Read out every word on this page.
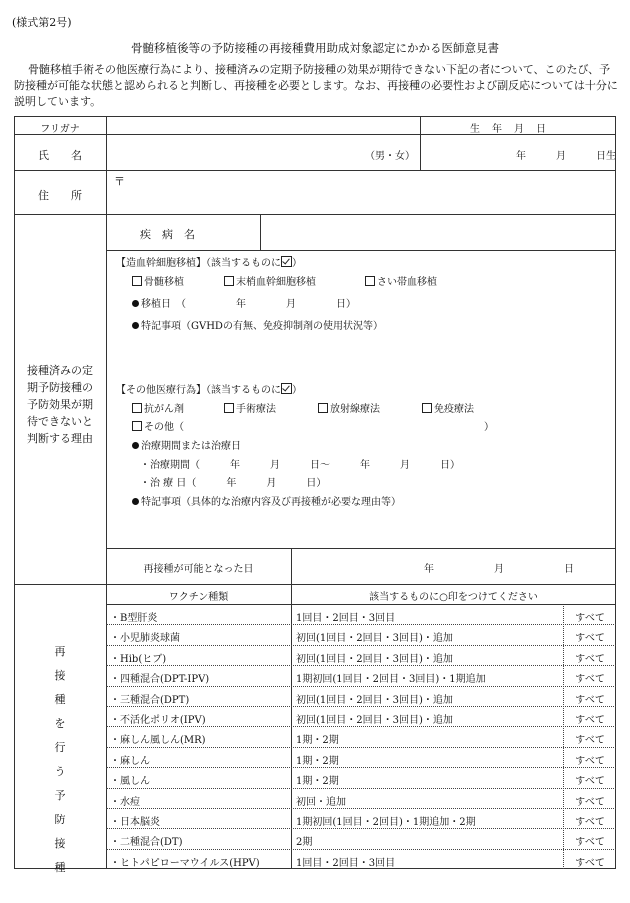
(様式第2号)
骨髄移植後等の予防接種の再接種費用助成対象認定にかかる医師意見書
骨髄移植手術その他医療行為により、接種済みの定期予防接種の効果が期待できない下記の者について、このたび、予防接種が可能な状態と認められると判断し、再接種を必要とします。なお、再接種の必要性および副反応については十分に説明しています。
フリガナ	生　年　月　日
氏　　名	（男・女）	年　　　月　　　日生
住　　所
〒
接種済みの定
期予防接種の
予防効果が期
待できないと
判断する理由
疾　病　名
【造血幹細胞移植】（該当するものに ）
骨髄移植	末梢血幹細胞移植	さい帯血移植
移植日　（　　　　　年　　　　月　　　　日）
特記事項（GVHDの有無、免疫抑制剤の使用状況等）
【その他医療行為】（該当するものに ）
抗がん剤	手術療法	放射線療法	免疫療法
その他（	）
治療期間または治療日
・治療期間（　　　年　　　月　　　日～　　　年　　　月　　　日）
・治 療 日（　　　年　　　月　　　日）
特記事項（具体的な治療内容及び再接種が必要な理由等）
再接種が可能となった日	年　　　　　　月　　　　　　日
ワクチン種類	該当するものに○印をつけてください
再
接
種
を
行
う
予
防
接
種
・B型肝炎	1回目・2回目・3回目	すべて
・小児肺炎球菌	初回(1回目・2回目・3回目)・追加	すべて
・Hib(ヒブ)	初回(1回目・2回目・3回目)・追加	すべて
・四種混合(DPT-IPV)	1期初回(1回目・2回目・3回目)・1期追加	すべて
・三種混合(DPT)	初回(1回目・2回目・3回目)・追加	すべて
・不活化ポリオ(IPV)	初回(1回目・2回目・3回目)・追加	すべて
・麻しん風しん(MR)	1期・2期	すべて
・麻しん	1期・2期	すべて
・風しん	1期・2期	すべて
・水痘	初回・追加	すべて
・日本脳炎	1期初回(1回目・2回目)・1期追加・2期	すべて
・二種混合(DT)	2期	すべて
・ヒトパピローマウイルス(HPV)	1回目・2回目・3回目	すべて
